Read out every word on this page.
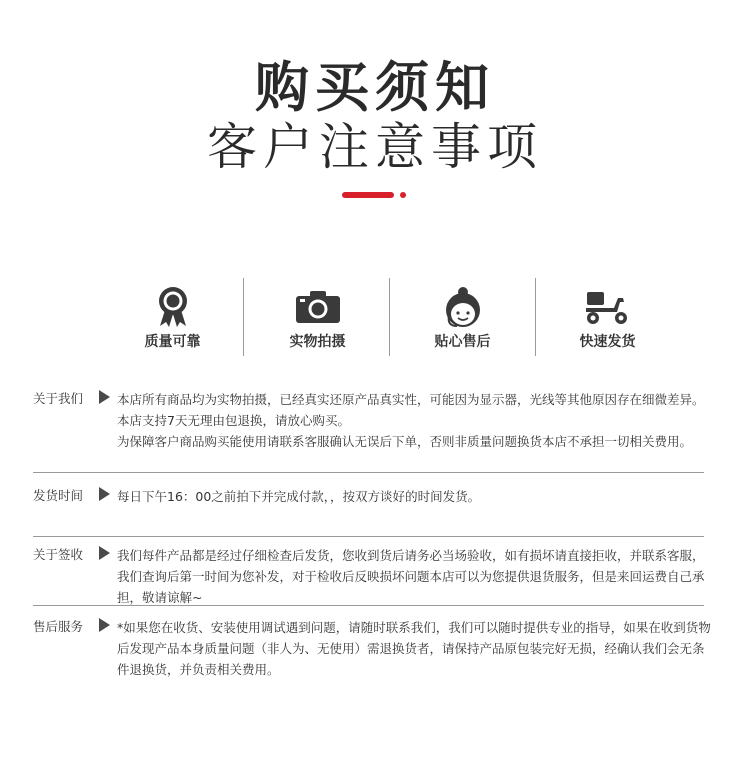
购买须知
客户注意事项
质量可靠	实物拍摄	贴心售后	快速发货
关于我们	本店所有商品均为实物拍摄，已经真实还原产品真实性，可能因为显示器，光线等其他原因存在细微差异。本店支持7天无理由包退换，请放心购买。

为保障客户商品购买能使用请联系客服确认无误后下单，否则非质量问题换货本店不承担一切相关费用。

发货时间	每日下午16：00之前拍下并完成付款，，按双方谈好的时间发货。

关于签收	我们每件产品都是经过仔细检查后发货，您收到货后请务必当场验收，如有损坏请直接拒收，并联系客服，我们查询后第一时间为您补发，对于检收后反映损坏问题本店可以为您提供退货服务，但是来回运费自己承担，敬请谅解~

售后服务	*如果您在收货、安装使用调试遇到问题，请随时联系我们，我们可以随时提供专业的指导，如果在收到货物后发现产品本身质量问题（非人为、无使用）需退换货者，请保持产品原包装完好无损，经确认我们会无条件退换货，并负责相关费用。
